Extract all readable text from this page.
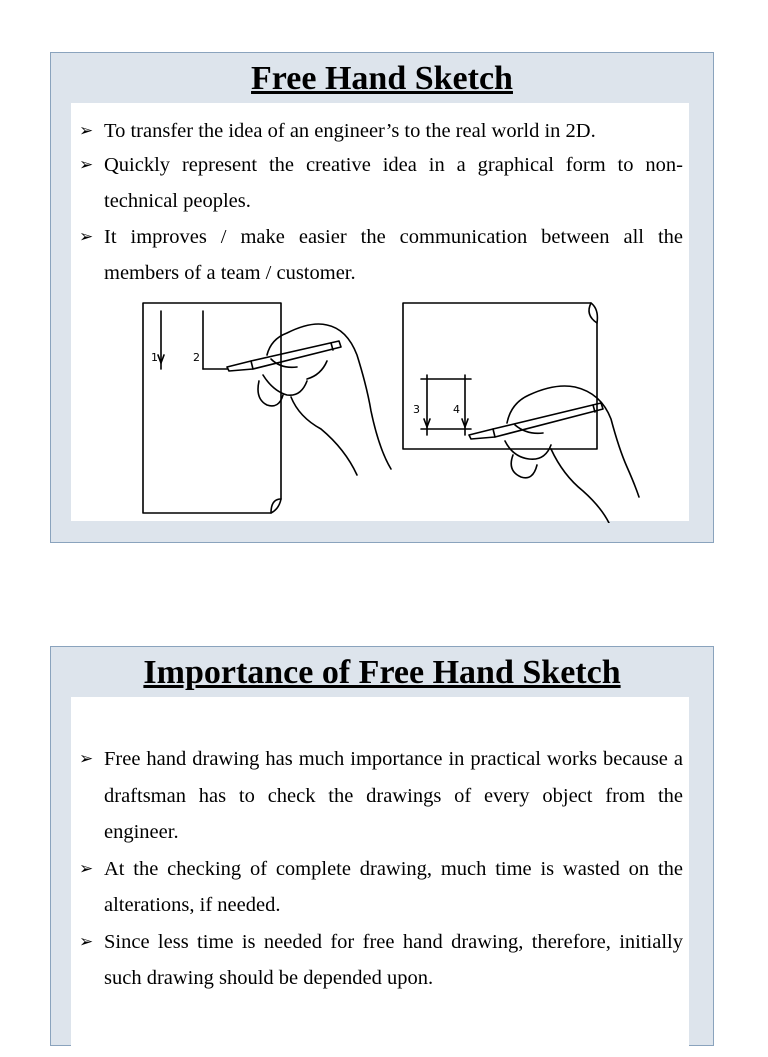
Free Hand Sketch
➢ To transfer the idea of an engineer’s to the real world in 2D.
➢ Quickly represent the creative idea in a graphical form to non-technical peoples.
➢ It improves / make easier the communication between all the members of a team / customer.
1	2
3	4
Importance of Free Hand Sketch
➢ Free hand drawing has much importance in practical works because a draftsman has to check the drawings of every object from the engineer.
➢ At the checking of complete drawing, much time is wasted on the alterations, if needed.
➢ Since less time is needed for free hand drawing, therefore, initially such drawing should be depended upon.
